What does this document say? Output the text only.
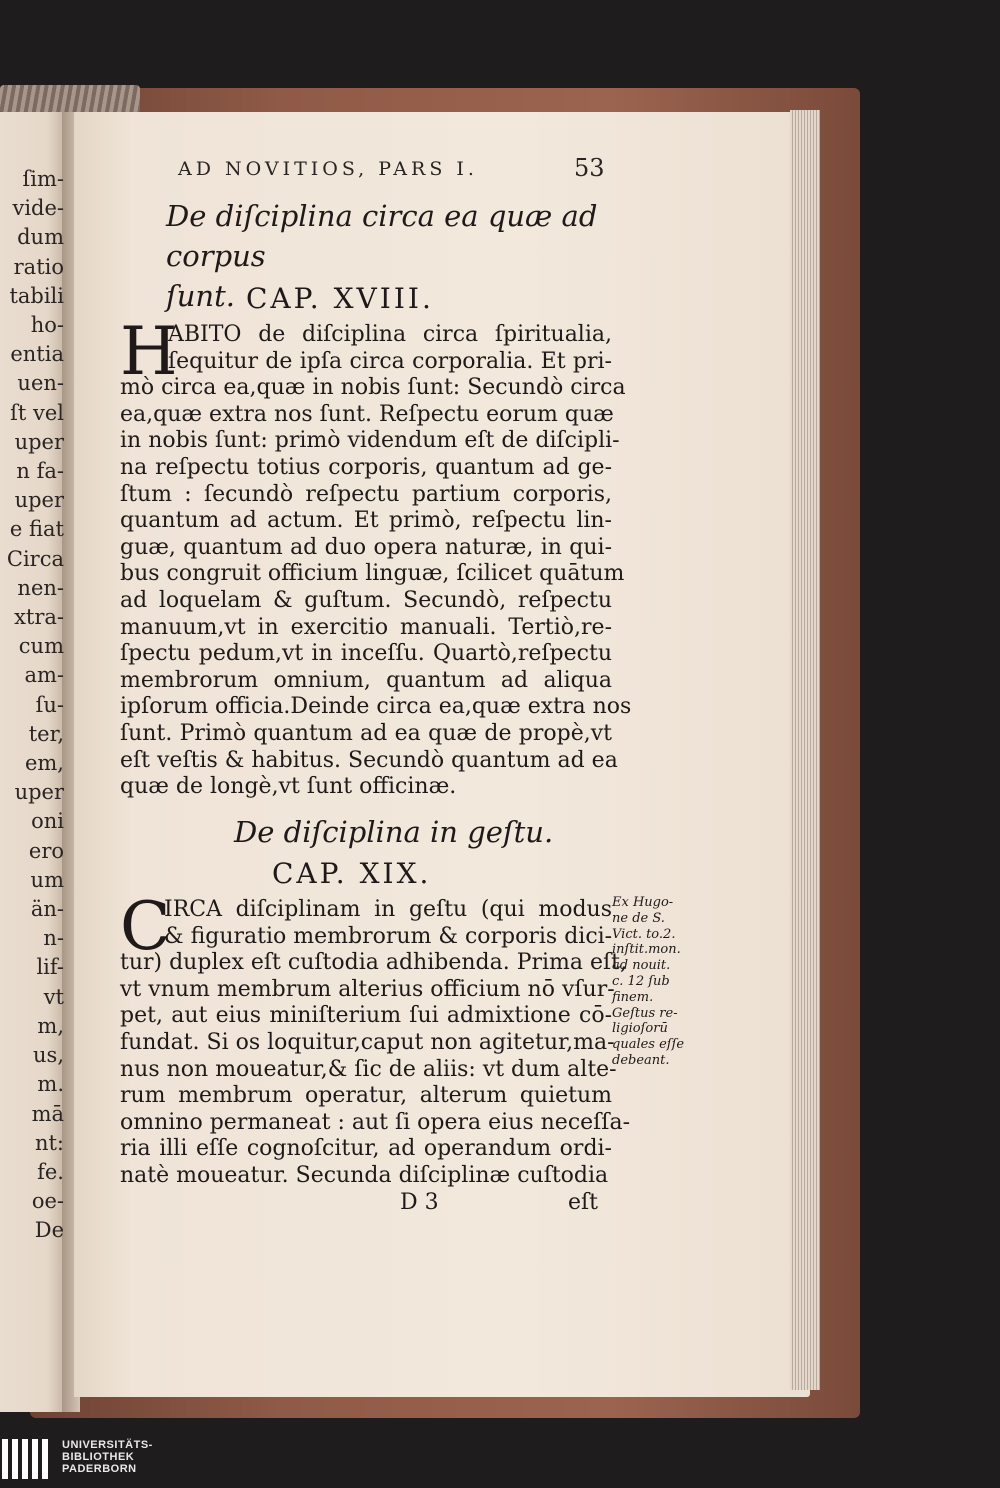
ſim-
vide-
dum
ratio
tabili
ho-
entia
uen-
ſt vel
uper
n fa-
uper
e fiat
Circa
nen-
xtra-
cum
am-
ſu-
ter,
em,
uper
oni
ero
um
än-
n-
lif-
vt
m,
us,
m.
mā
nt:
fe.
oe-
De
AD NOVITIOS, PARS I.	53
De diſciplina circa ea quæ ad corpus
ſunt. CAP. XVIII.
H
ABITO de diſciplina circa ſpiritualia,
ſequitur de ipſa circa corporalia. Et pri-
mò circa ea,quæ in nobis ſunt: Secundò circa
ea,quæ extra nos ſunt. Reſpectu eorum quæ
in nobis ſunt: primò videndum eſt de diſcipli-
na reſpectu totius corporis, quantum ad ge-
ſtum : ſecundò reſpectu partium corporis,
quantum ad actum. Et primò, reſpectu lin-
guæ, quantum ad duo opera naturæ, in qui-
bus congruit officium linguæ, ſcilicet quātum
ad loquelam & guſtum. Secundò, reſpectu
manuum,vt in exercitio manuali. Tertiò,re-
ſpectu pedum,vt in inceſſu. Quartò,reſpectu
membrorum omnium, quantum ad aliqua
ipſorum officia.Deinde circa ea,quæ extra nos
ſunt. Primò quantum ad ea quæ de propè,vt
eſt veſtis & habitus. Secundò quantum ad ea
quæ de longè,vt ſunt officinæ.
De diſciplina in geſtu.
CAP. XIX.
C
IRCA diſciplinam in geſtu (qui modus
& figuratio membrorum & corporis dici-
tur) duplex eſt cuſtodia adhibenda. Prima eſt,
vt vnum membrum alterius officium nō vſur-
pet, aut eius miniſterium ſui admixtione cō-
fundat. Si os loquitur,caput non agitetur,ma-
nus non moueatur,& ſic de aliis: vt dum alte-
rum membrum operatur, alterum quietum
omnino permaneat : aut ſi opera eius neceſſa-
ria illi eſſe cognoſcitur, ad operandum ordi-
natè moueatur. Secunda diſciplinæ cuſtodia
Ex Hugo-
ne de S.
Vict. to.2.
inſtit.mon.
ad nouit.
c. 12 ſub
finem.
Geſtus re-
ligioſorū
quales eſſe
debeant.
D 3	eſt
UNIVERSITÄTS-
BIBLIOTHEK
PADERBORN
